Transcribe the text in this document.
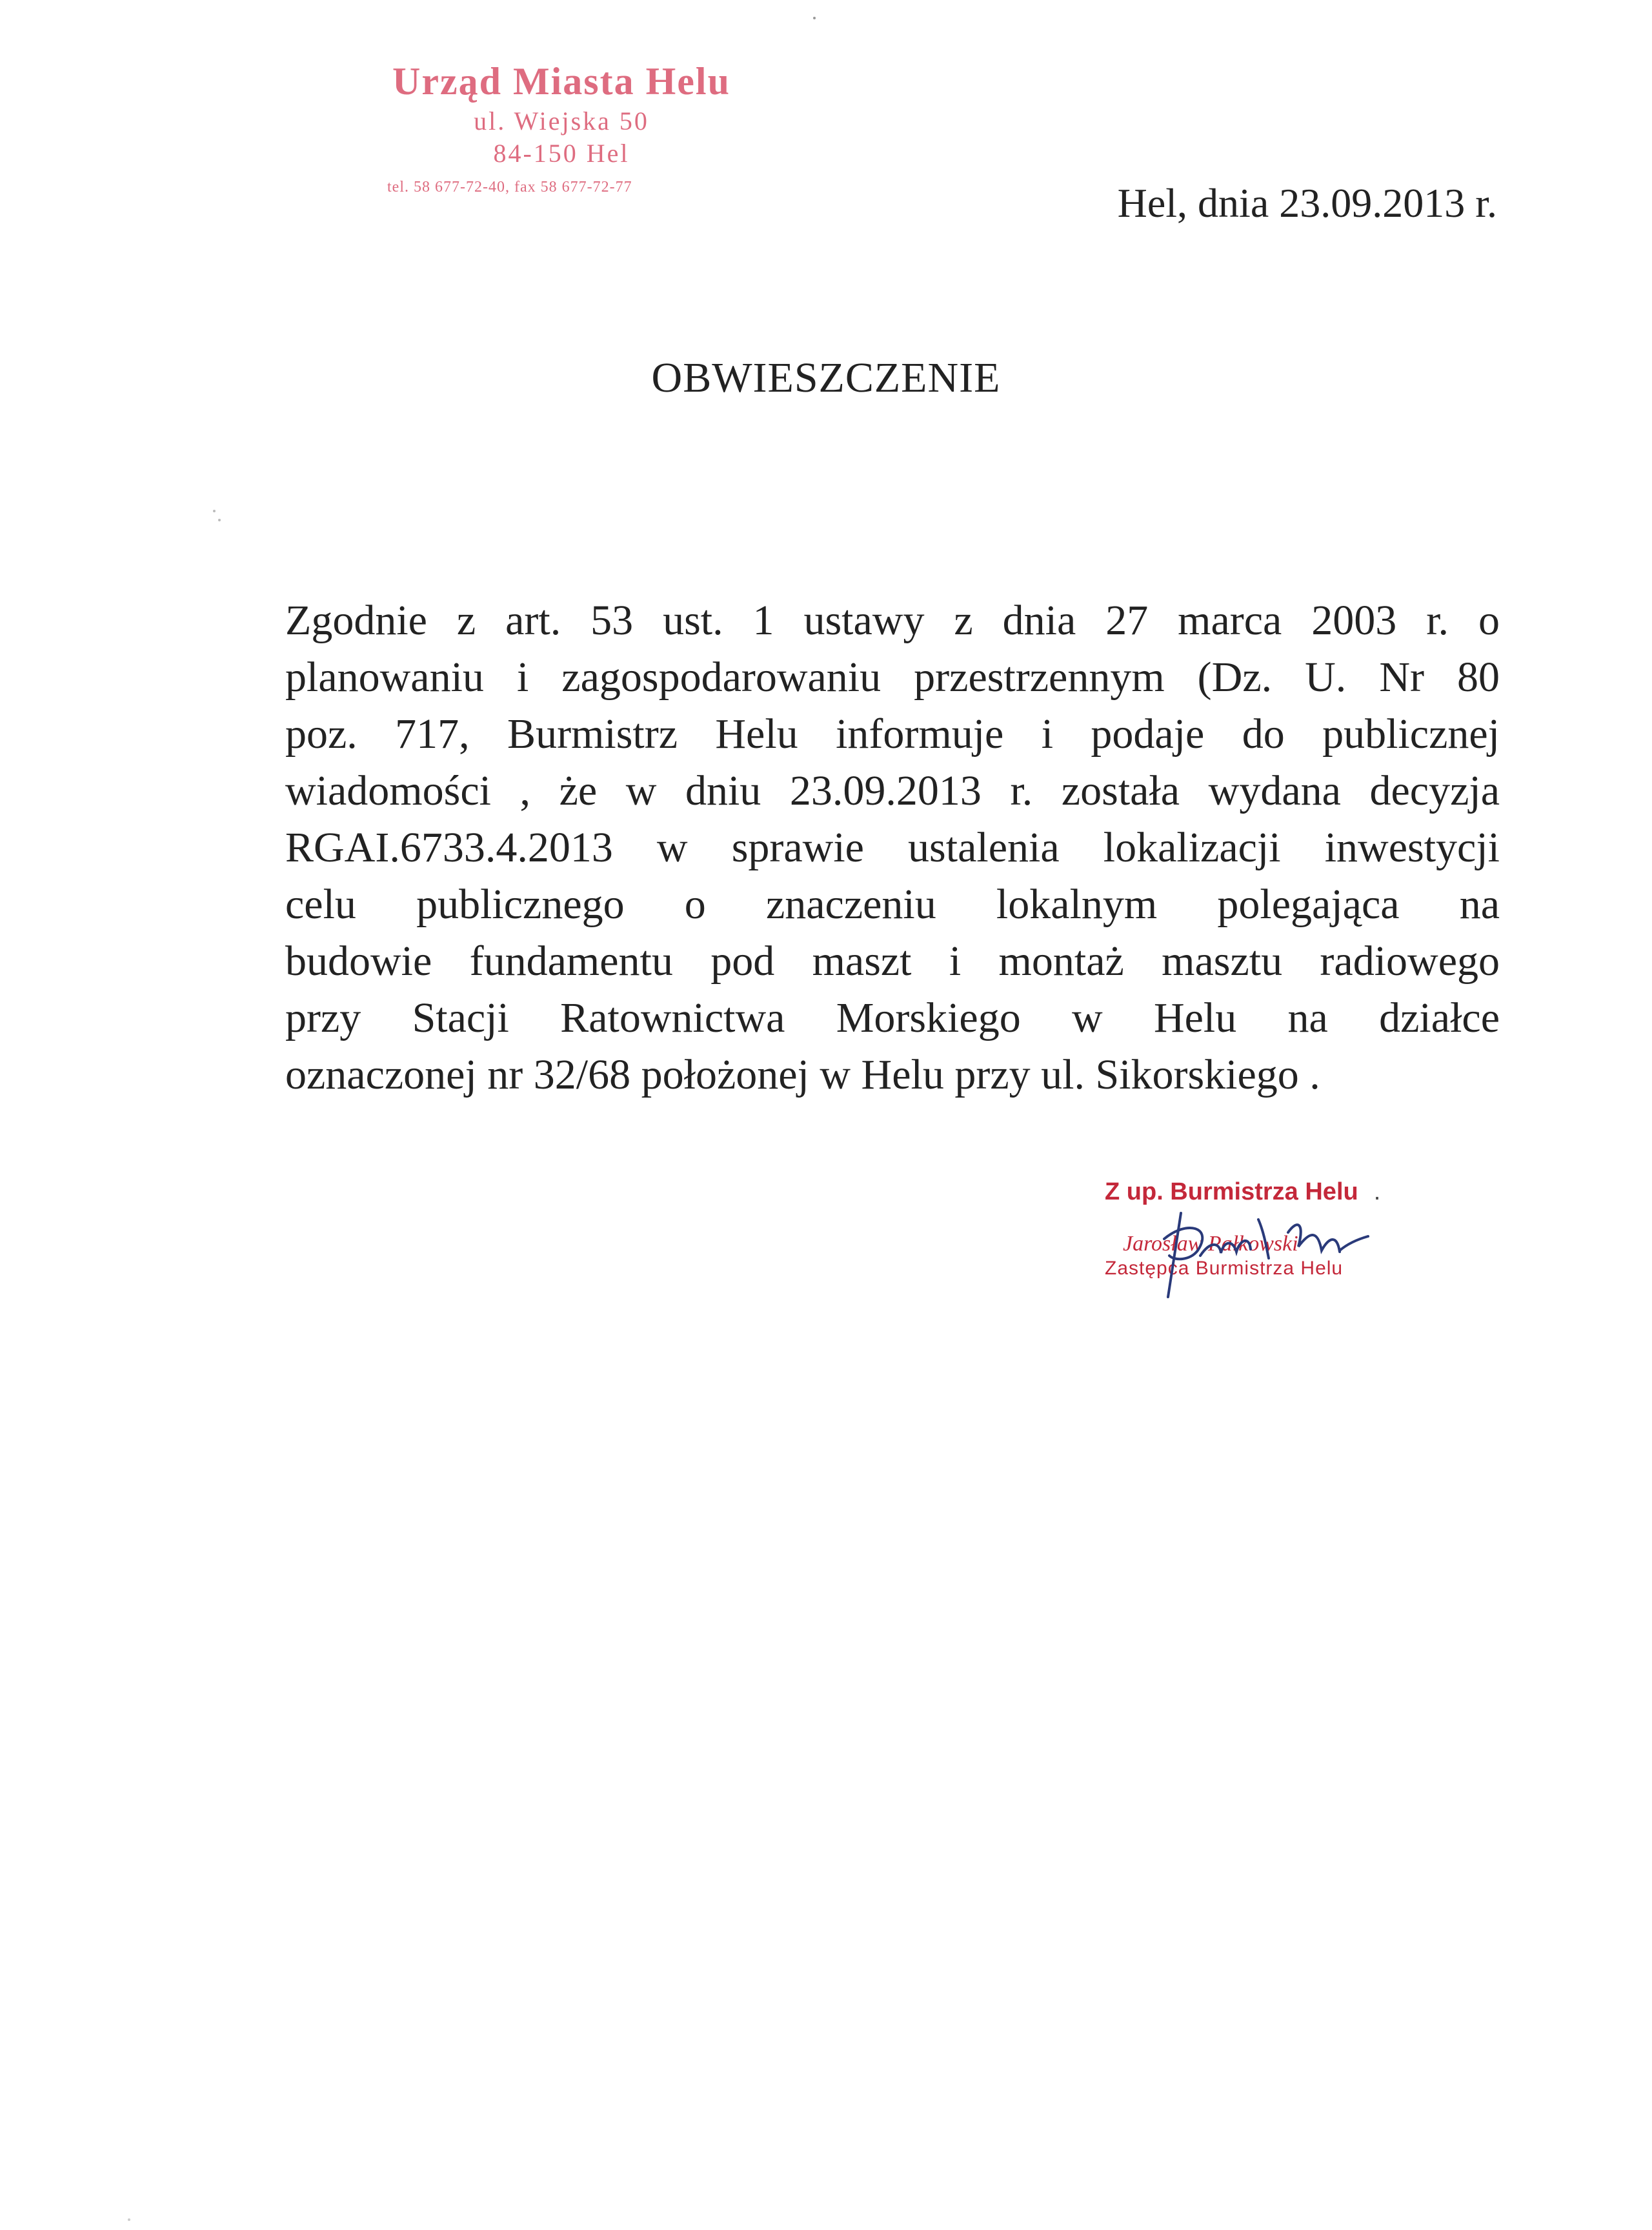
Urząd Miasta Helu
ul. Wiejska 50
84-150 Hel
tel. 58 677-72-40, fax 58 677-72-77	Hel, dnia 23.09.2013 r.
OBWIESZCZENIE
Zgodnie z art. 53 ust. 1 ustawy z dnia 27 marca 2003 r. o
planowaniu i zagospodarowaniu przestrzennym (Dz. U. Nr 80
poz. 717, Burmistrz Helu informuje i podaje do publicznej
wiadomości , że w dniu 23.09.2013 r. została wydana decyzja
RGAI.6733.4.2013 w sprawie ustalenia lokalizacji inwestycji
celu publicznego o znaczeniu lokalnym polegająca na
budowie fundamentu pod maszt i montaż masztu radiowego
przy Stacji Ratownictwa Morskiego w Helu na działce
oznaczonej nr 32/68 położonej w Helu przy ul. Sikorskiego .
Z up. Burmistrza Helu .
Jarosław Pałkowski
Zastępca Burmistrza Helu
